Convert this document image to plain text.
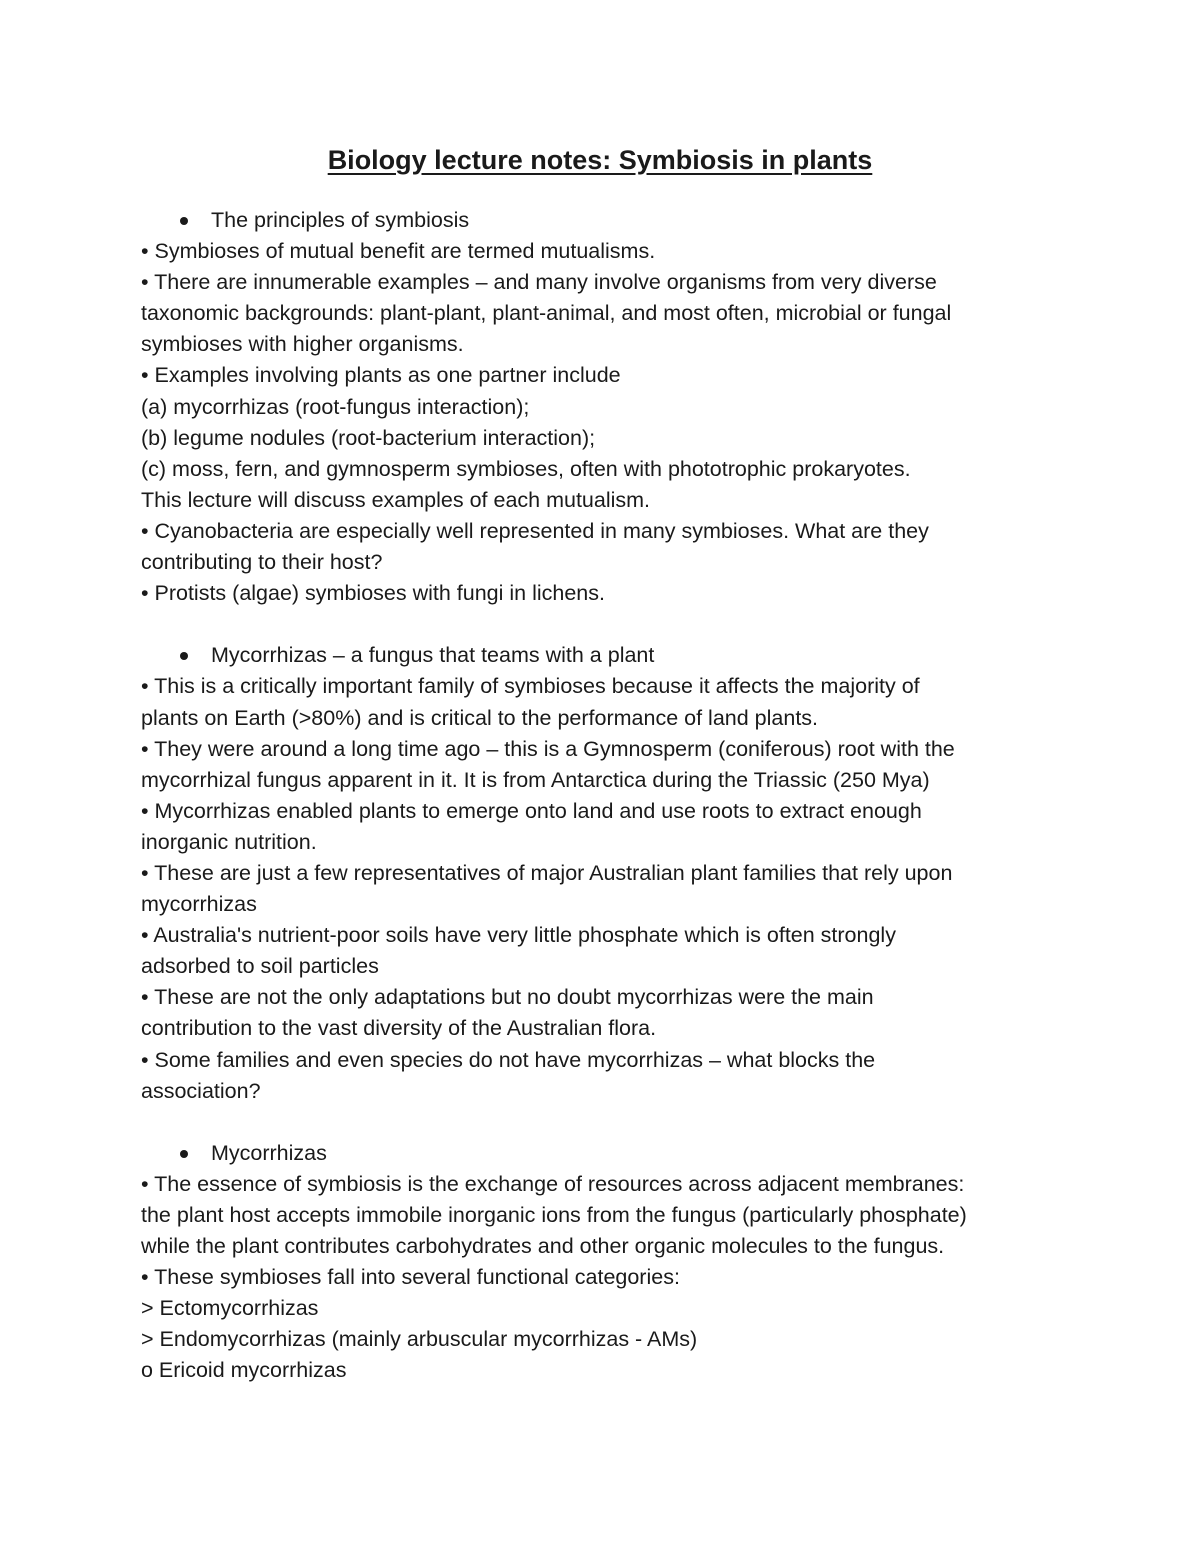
Biology lecture notes: Symbiosis in plants
The principles of symbiosis
• Symbioses of mutual benefit are termed mutualisms.
• There are innumerable examples – and many involve organisms from very diverse
taxonomic backgrounds: plant-plant, plant-animal, and most often, microbial or fungal
symbioses with higher organisms.
• Examples involving plants as one partner include
(a) mycorrhizas (root-fungus interaction);
(b) legume nodules (root-bacterium interaction);
(c) moss, fern, and gymnosperm symbioses, often with phototrophic prokaryotes.
This lecture will discuss examples of each mutualism.
• Cyanobacteria are especially well represented in many symbioses. What are they
contributing to their host?
• Protists (algae) symbioses with fungi in lichens.
Mycorrhizas – a fungus that teams with a plant
• This is a critically important family of symbioses because it affects the majority of
plants on Earth (>80%) and is critical to the performance of land plants.
• They were around a long time ago – this is a Gymnosperm (coniferous) root with the
mycorrhizal fungus apparent in it. It is from Antarctica during the Triassic (250 Mya)
• Mycorrhizas enabled plants to emerge onto land and use roots to extract enough
inorganic nutrition.
• These are just a few representatives of major Australian plant families that rely upon
mycorrhizas
• Australia's nutrient-poor soils have very little phosphate which is often strongly
adsorbed to soil particles
• These are not the only adaptations but no doubt mycorrhizas were the main
contribution to the vast diversity of the Australian flora.
• Some families and even species do not have mycorrhizas – what blocks the
association?
Mycorrhizas
• The essence of symbiosis is the exchange of resources across adjacent membranes:
the plant host accepts immobile inorganic ions from the fungus (particularly phosphate)
while the plant contributes carbohydrates and other organic molecules to the fungus.
• These symbioses fall into several functional categories:
> Ectomycorrhizas
> Endomycorrhizas (mainly arbuscular mycorrhizas - AMs)
o Ericoid mycorrhizas
